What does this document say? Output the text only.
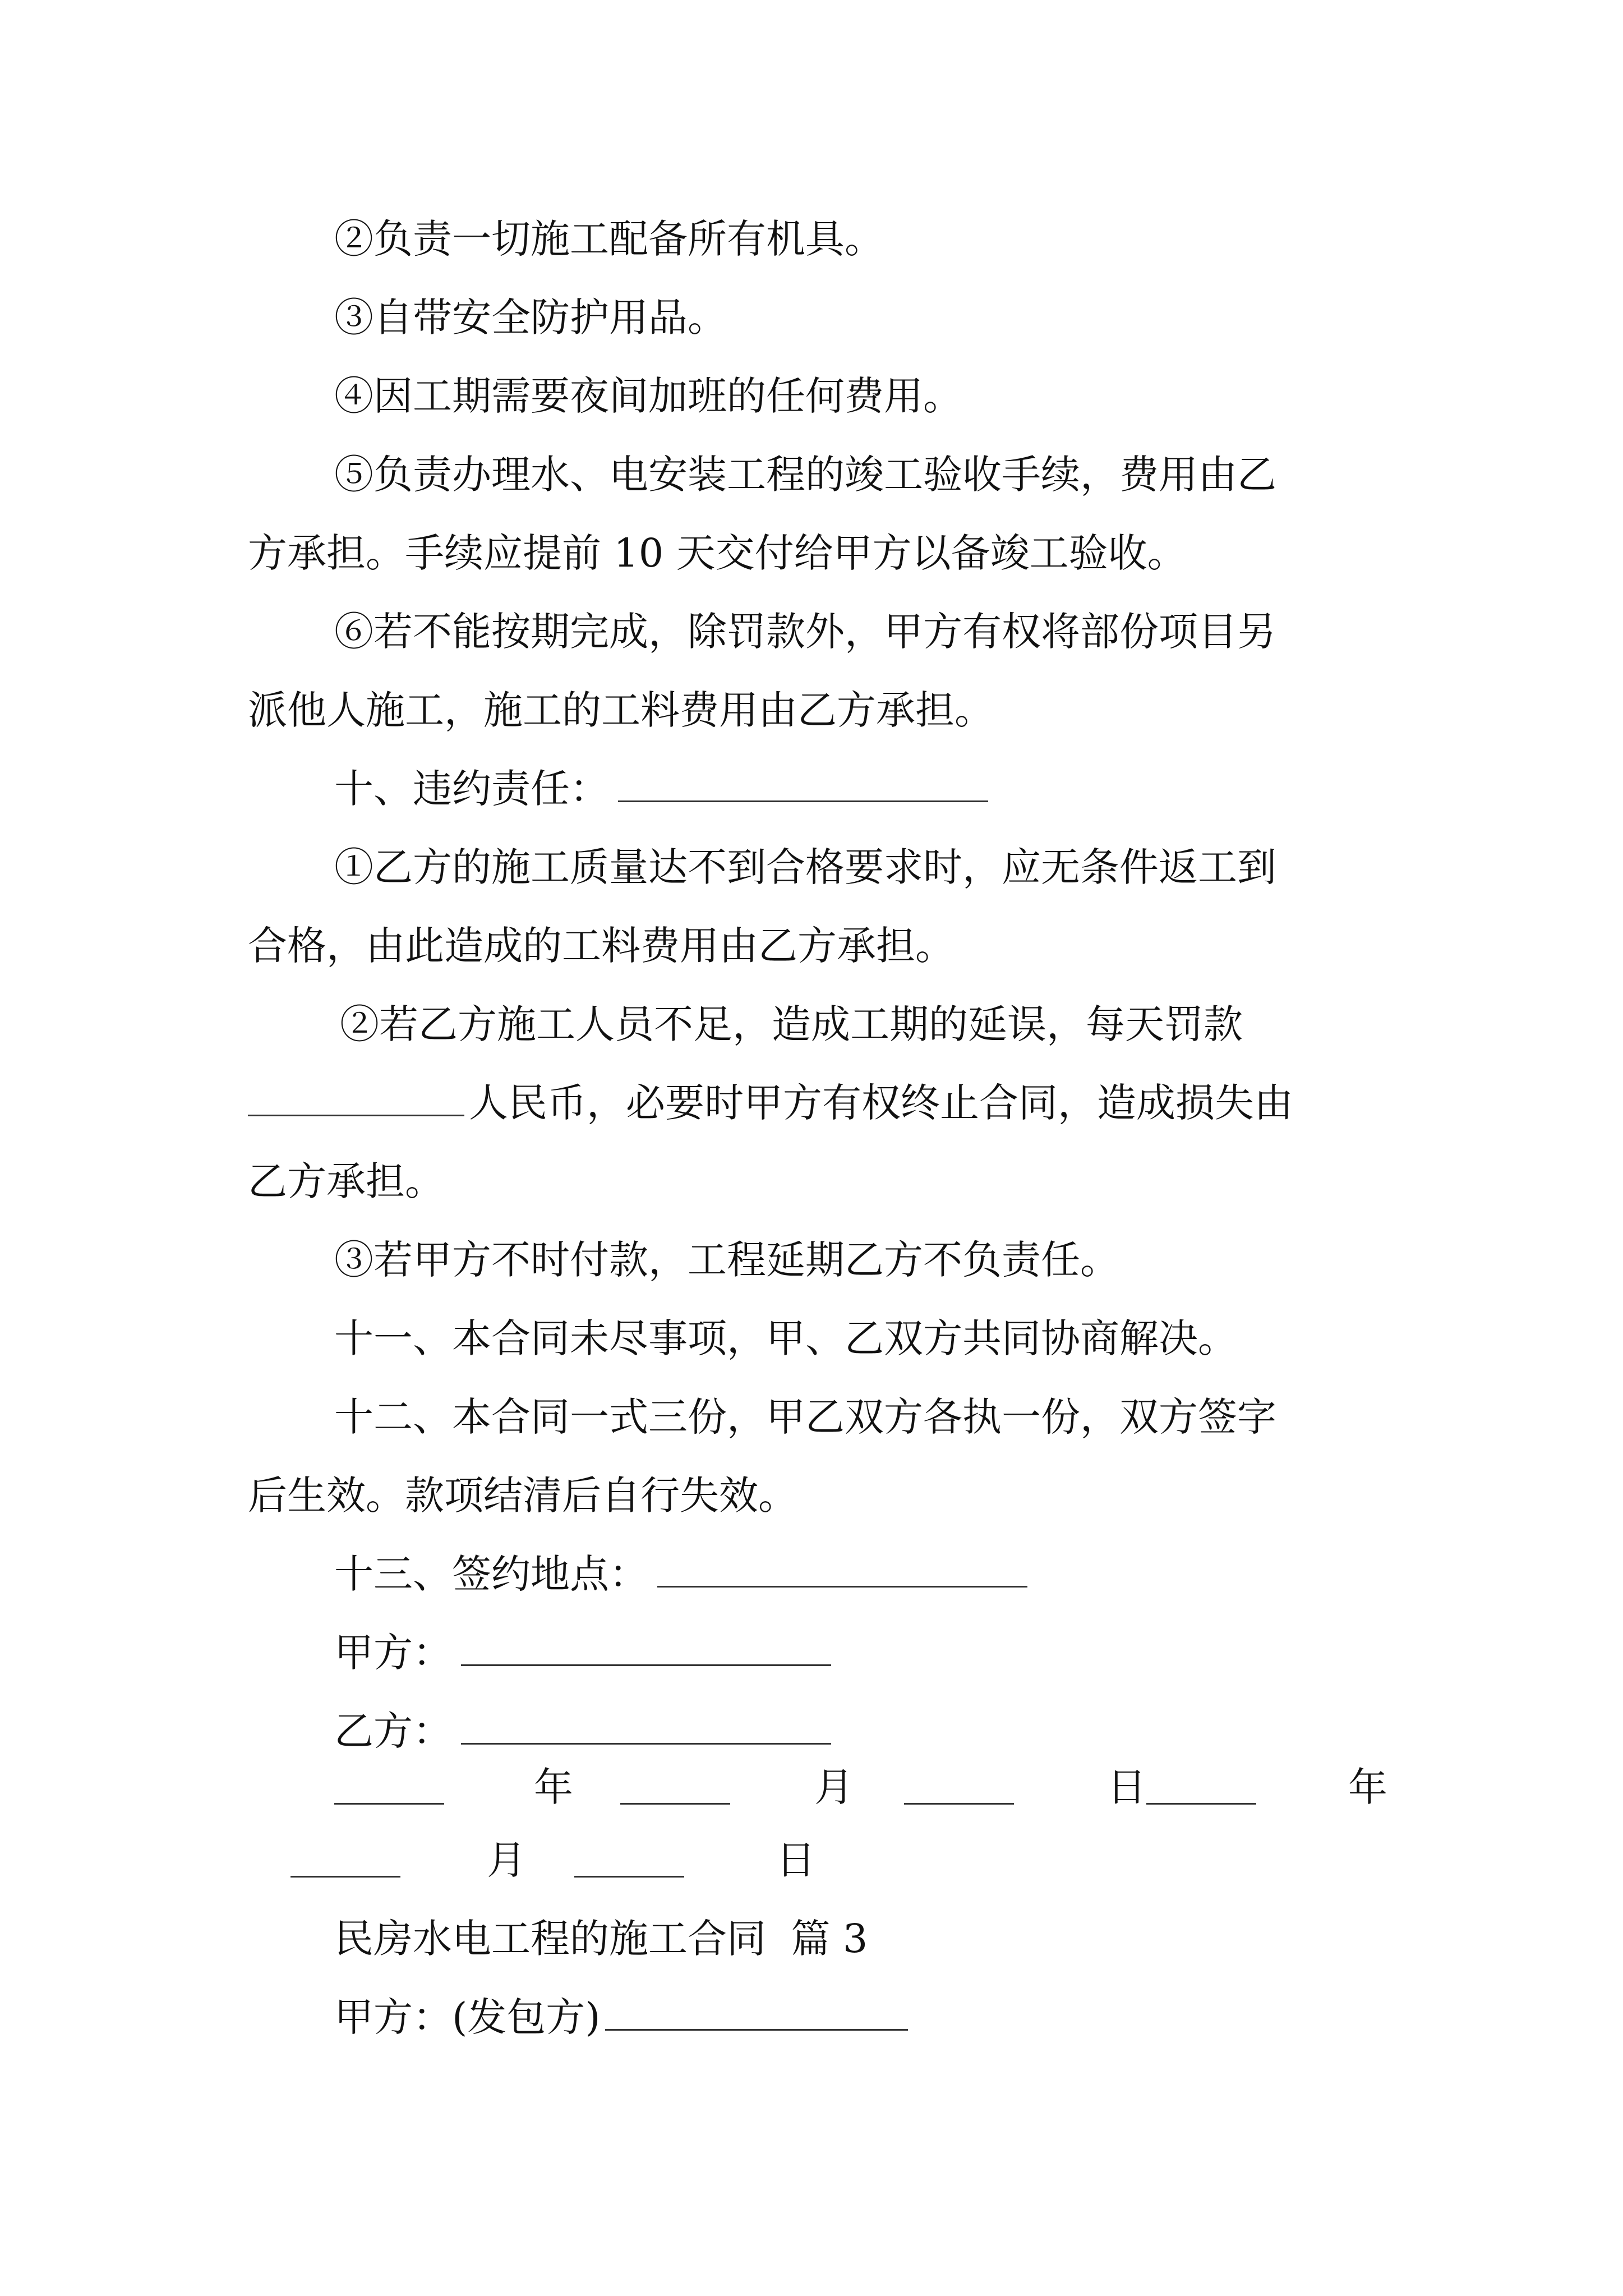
②负责一切施工配备所有机具。
③自带安全防护用品。
④因工期需要夜间加班的任何费用。
⑤负责办理水、电安装工程的竣工验收手续，费用由乙
方承担。手续应提前 10 天交付给甲方以备竣工验收。
⑥若不能按期完成，除罚款外，甲方有权将部份项目另
派他人施工，施工的工料费用由乙方承担。
十、违约责任：
①乙方的施工质量达不到合格要求时，应无条件返工到
合格，由此造成的工料费用由乙方承担。
②若乙方施工人员不足，造成工期的延误，每天罚款
人民币，必要时甲方有权终止合同，造成损失由
乙方承担。
③若甲方不时付款，工程延期乙方不负责任。
十一、本合同未尽事项，甲、乙双方共同协商解决。
十二、本合同一式三份，甲乙双方各执一份，双方签字
后生效。款项结清后自行失效。
十三、签约地点：
甲方：
乙方：
年	月	日	年
月	日
民房水电工程的施工合同  篇 3
甲方：(发包方)
